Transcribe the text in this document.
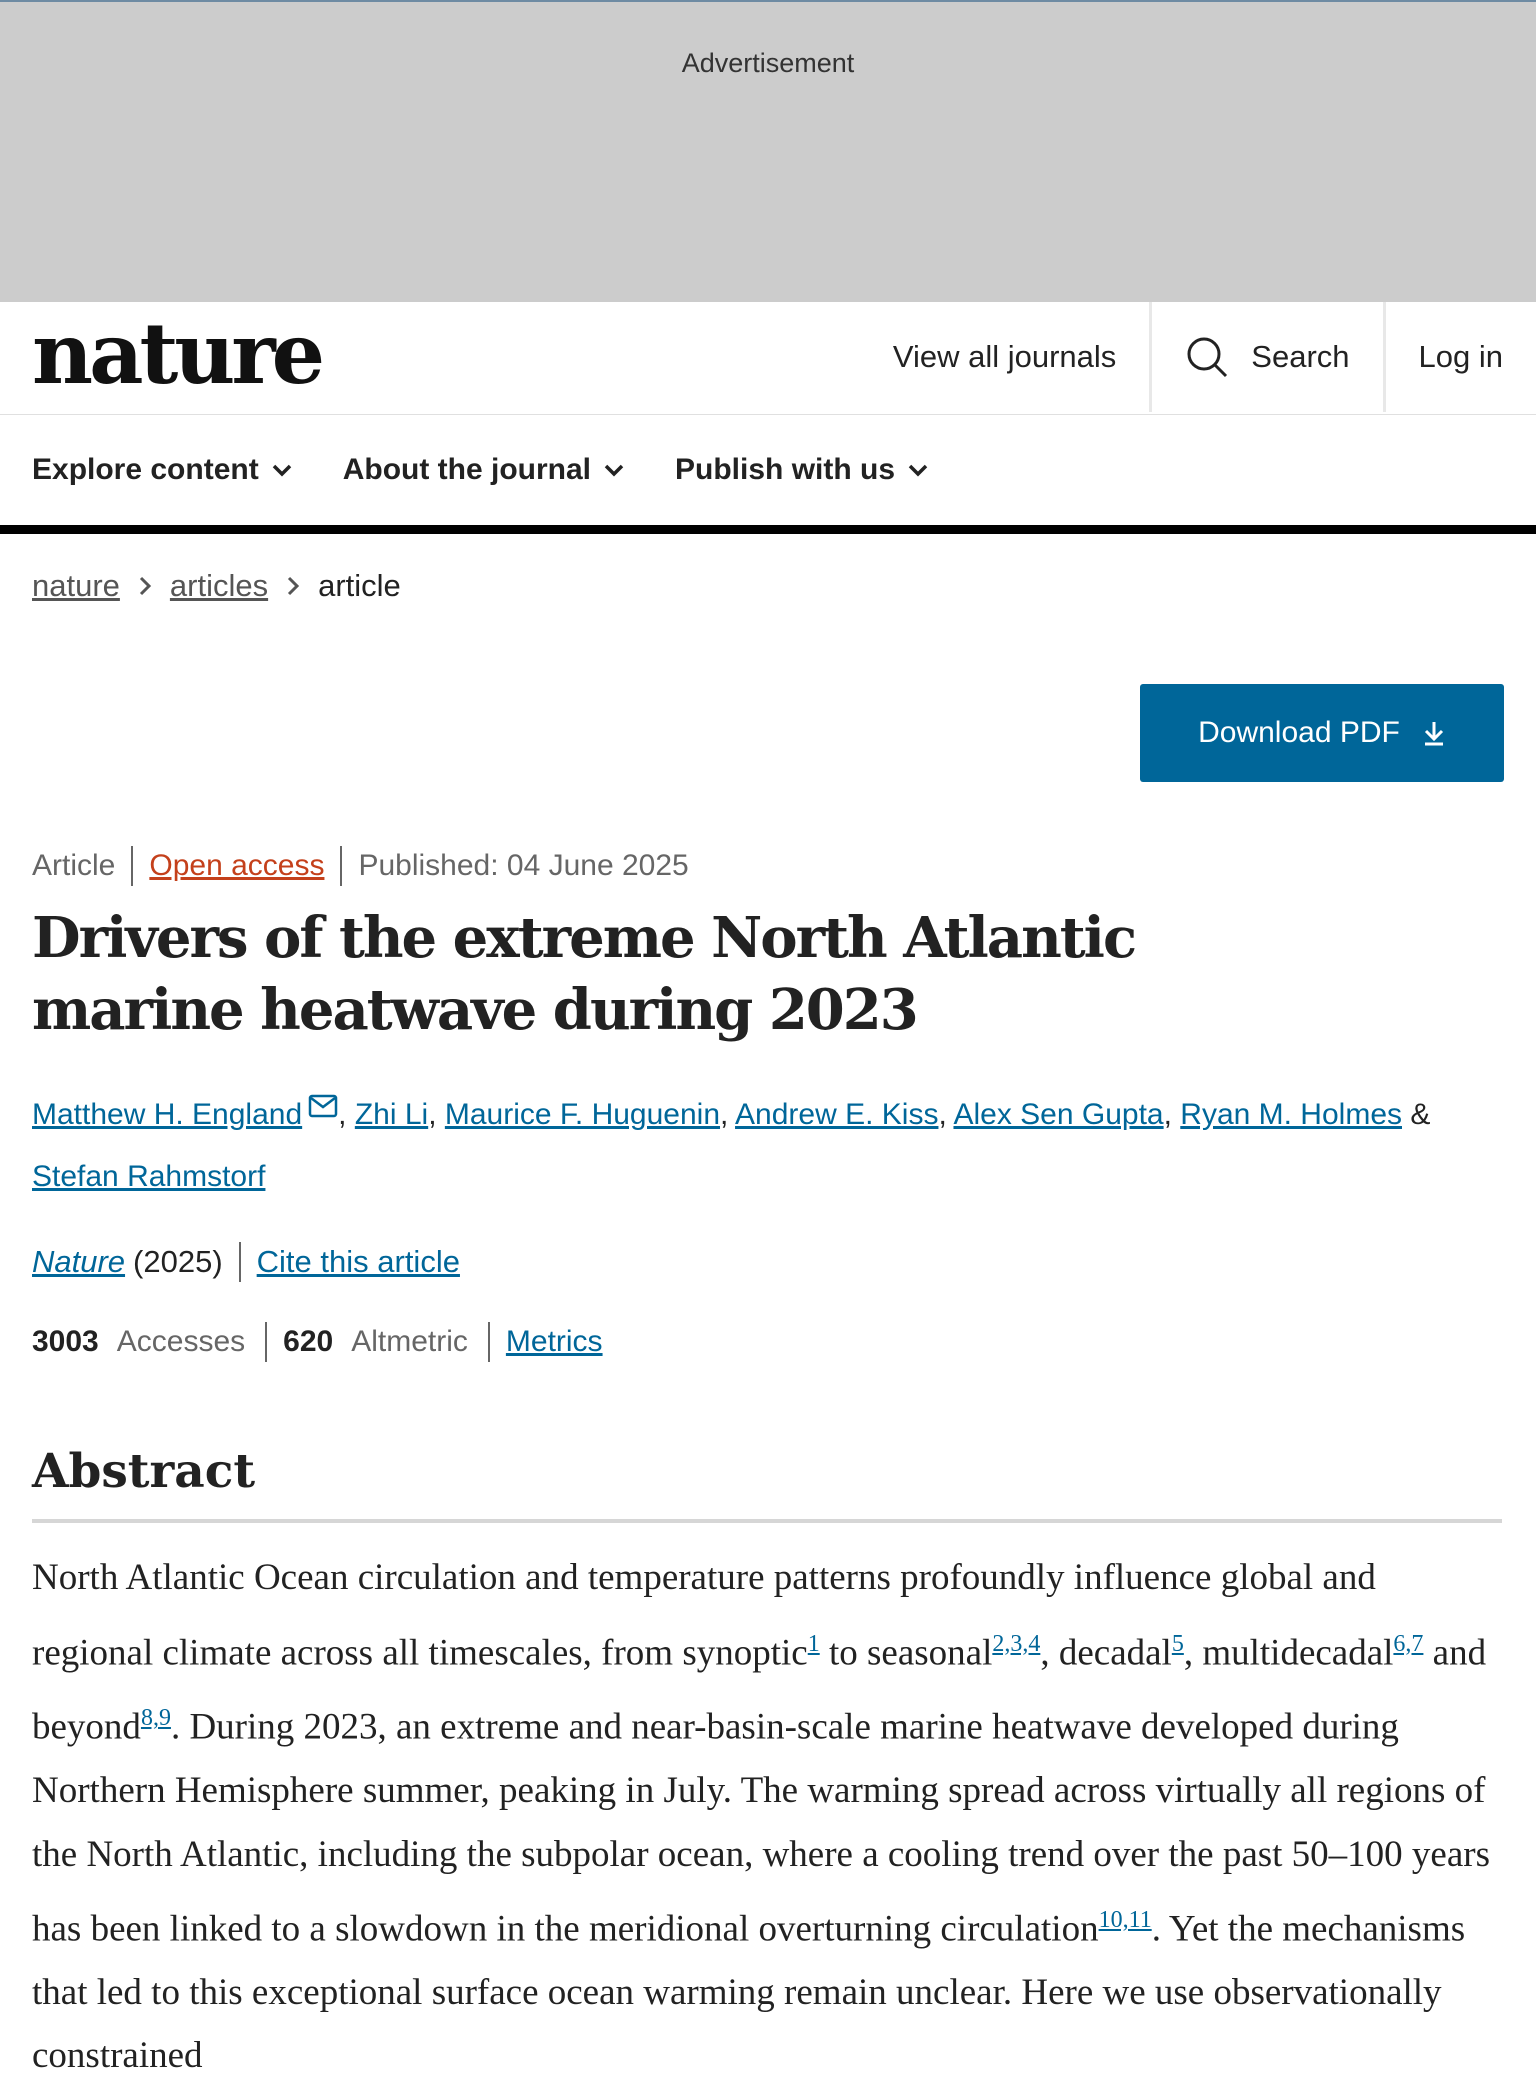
Advertisement
nature	View all journals	Search Log in
Explore content	About the journal	Publish with us
nature articles article
Download PDF
Article Open access Published: 04 June 2025
Drivers of the extreme North Atlantic marine heatwave during 2023
Matthew H. England , Zhi Li, Maurice F. Huguenin, Andrew E. Kiss, Alex Sen Gupta, Ryan M. Holmes & Stefan Rahmstorf
Nature (2025) Cite this article
3003 Accesses 620 Altmetric Metrics
Abstract

North Atlantic Ocean circulation and temperature patterns profoundly influence global and regional climate across all timescales, from synoptic$^1$ to seasonal$^{2,3,4}$, decadal$^5$, multidecadal$^{6,7}$ and beyond$^{8,9}$. During 2023, an extreme and near-basin-scale marine heatwave developed during Northern Hemisphere summer, peaking in July. The warming spread across virtually all regions of the North Atlantic, including the subpolar ocean, where a cooling trend over the past 50–100 years has been linked to a slowdown in the meridional overturning circulation$^{10,11}$. Yet the mechanisms that led to this exceptional surface ocean warming remain unclear. Here we use observationally constrained
